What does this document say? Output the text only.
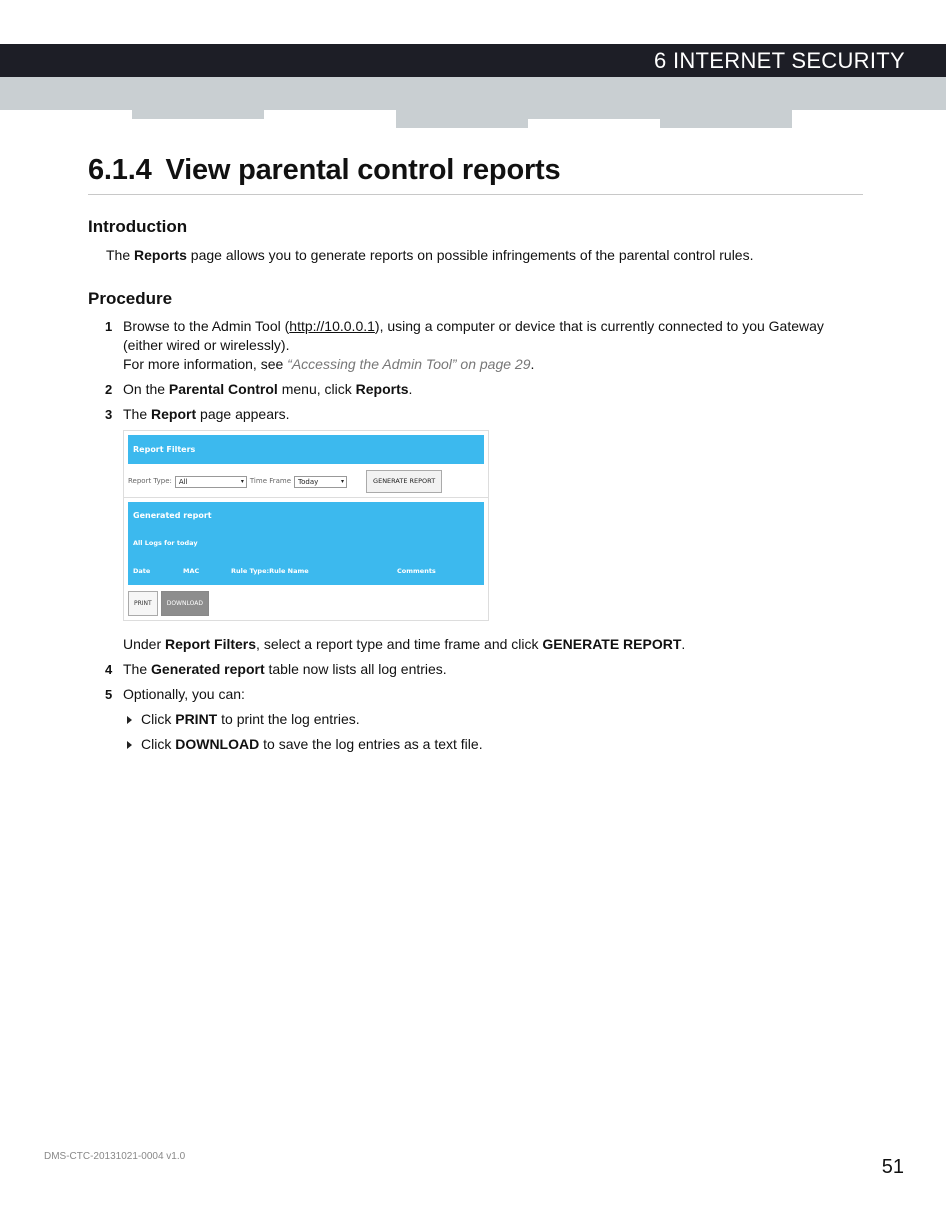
6 INTERNET SECURITY
6.1.4 View parental control reports
Introduction

The Reports page allows you to generate reports on possible infringements of the parental control rules.

Procedure
1 Browse to the Admin Tool (http://10.0.0.1), using a computer or device that is currently connected to you Gateway (either wired or wirelessly).
For more information, see “Accessing the Admin Tool” on page 29.
2 On the Parental Control menu, click Reports.
3 The Report page appears.
Report Filters
Report Type:	All	▾ Time Frame	Today	▾	GENERATE REPORT
Generated report
All Logs for today
Date	MAC	Rule Type:Rule Name	Comments
PRINT	DOWNLOAD

Under Report Filters, select a report type and time frame and click GENERATE REPORT.

4 The Generated report table now lists all log entries.
5 Optionally, you can:
Click PRINT to print the log entries.
Click DOWNLOAD to save the log entries as a text file.
DMS-CTC-20131021-0004 v1.0	51
